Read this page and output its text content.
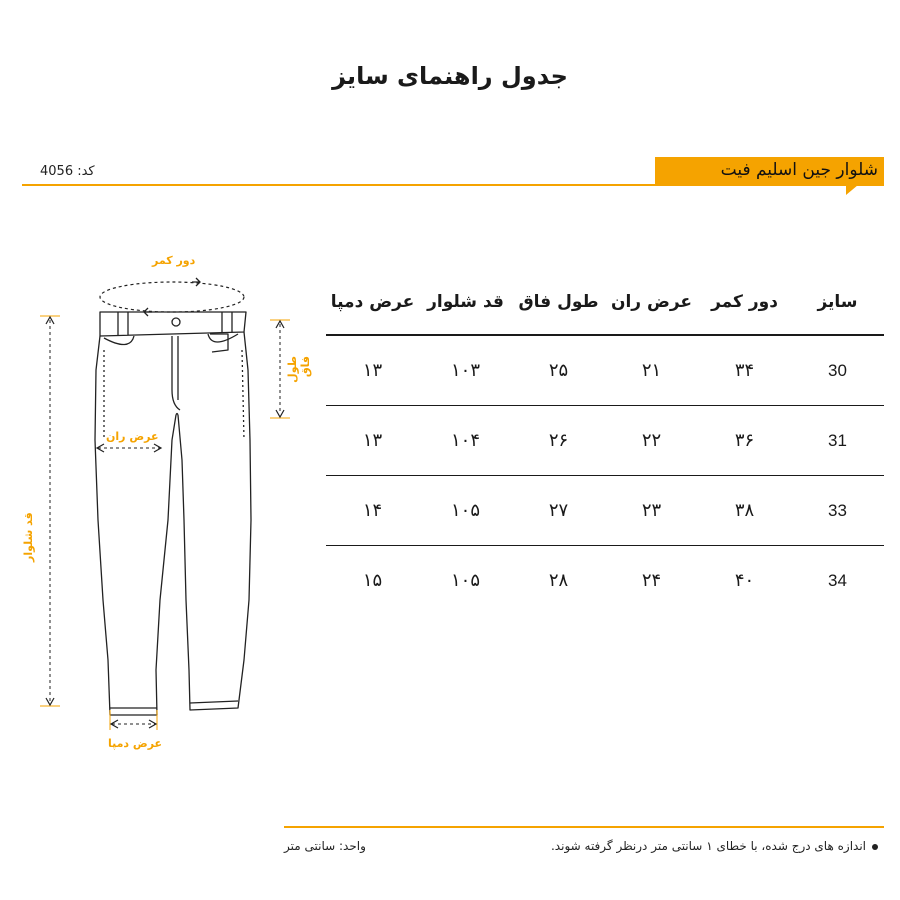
جدول راهنمای سایز
شلوار جین اسلیم فیت
کد: 4056
سایز	دور کمر	عرض ران	طول فاق	قد شلوار	عرض دمپا
30	۳۴	۲۱	۲۵	۱۰۳	۱۳
31	۳۶	۲۲	۲۶	۱۰۴	۱۳
33	۳۸	۲۳	۲۷	۱۰۵	۱۴
34	۴۰	۲۴	۲۸	۱۰۵	۱۵
دور کمر
طول فاق
عرض ران
قد شلوار
عرض دمپا
اندازه های درج شده، با خطای ۱ سانتی متر درنظر گرفته شوند.
واحد: سانتی متر
